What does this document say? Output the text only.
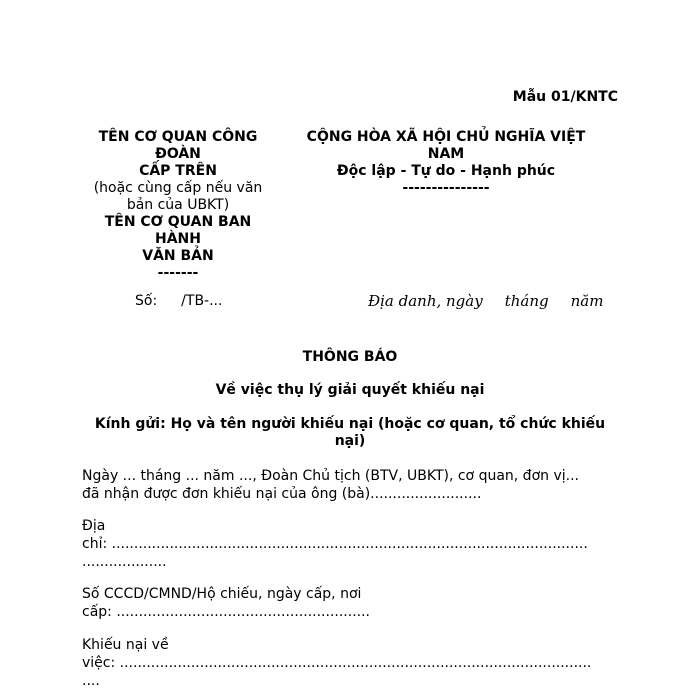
Mẫu 01/KNTC
TÊN CƠ QUAN CÔNG ĐOÀN
CẤP TRÊN
(hoặc cùng cấp nếu văn bản của UBKT)
TÊN CƠ QUAN BAN HÀNH
VĂN BẢN
-------
CỘNG HÒA XÃ HỘI CHỦ NGHĨA VIỆT NAM
Độc lập - Tự do - Hạnh phúc
---------------
Số: /TB-...	Địa danh, ngày tháng năm
THÔNG BÁO
Về việc thụ lý giải quyết khiếu nại
Kính gửi: Họ và tên người khiếu nại (hoặc cơ quan, tổ chức khiếu nại)
Ngày ... tháng ... năm ..., Đoàn Chủ tịch (BTV, UBKT), cơ quan, đơn vị...
đã nhận được đơn khiếu nại của ông (bà).........................
Địa
chỉ: ...........................................................................................................
...................
Số CCCD/CMND/Hộ chiếu, ngày cấp, nơi
cấp: .........................................................
Khiếu nại về
việc: ..........................................................................................................
....
